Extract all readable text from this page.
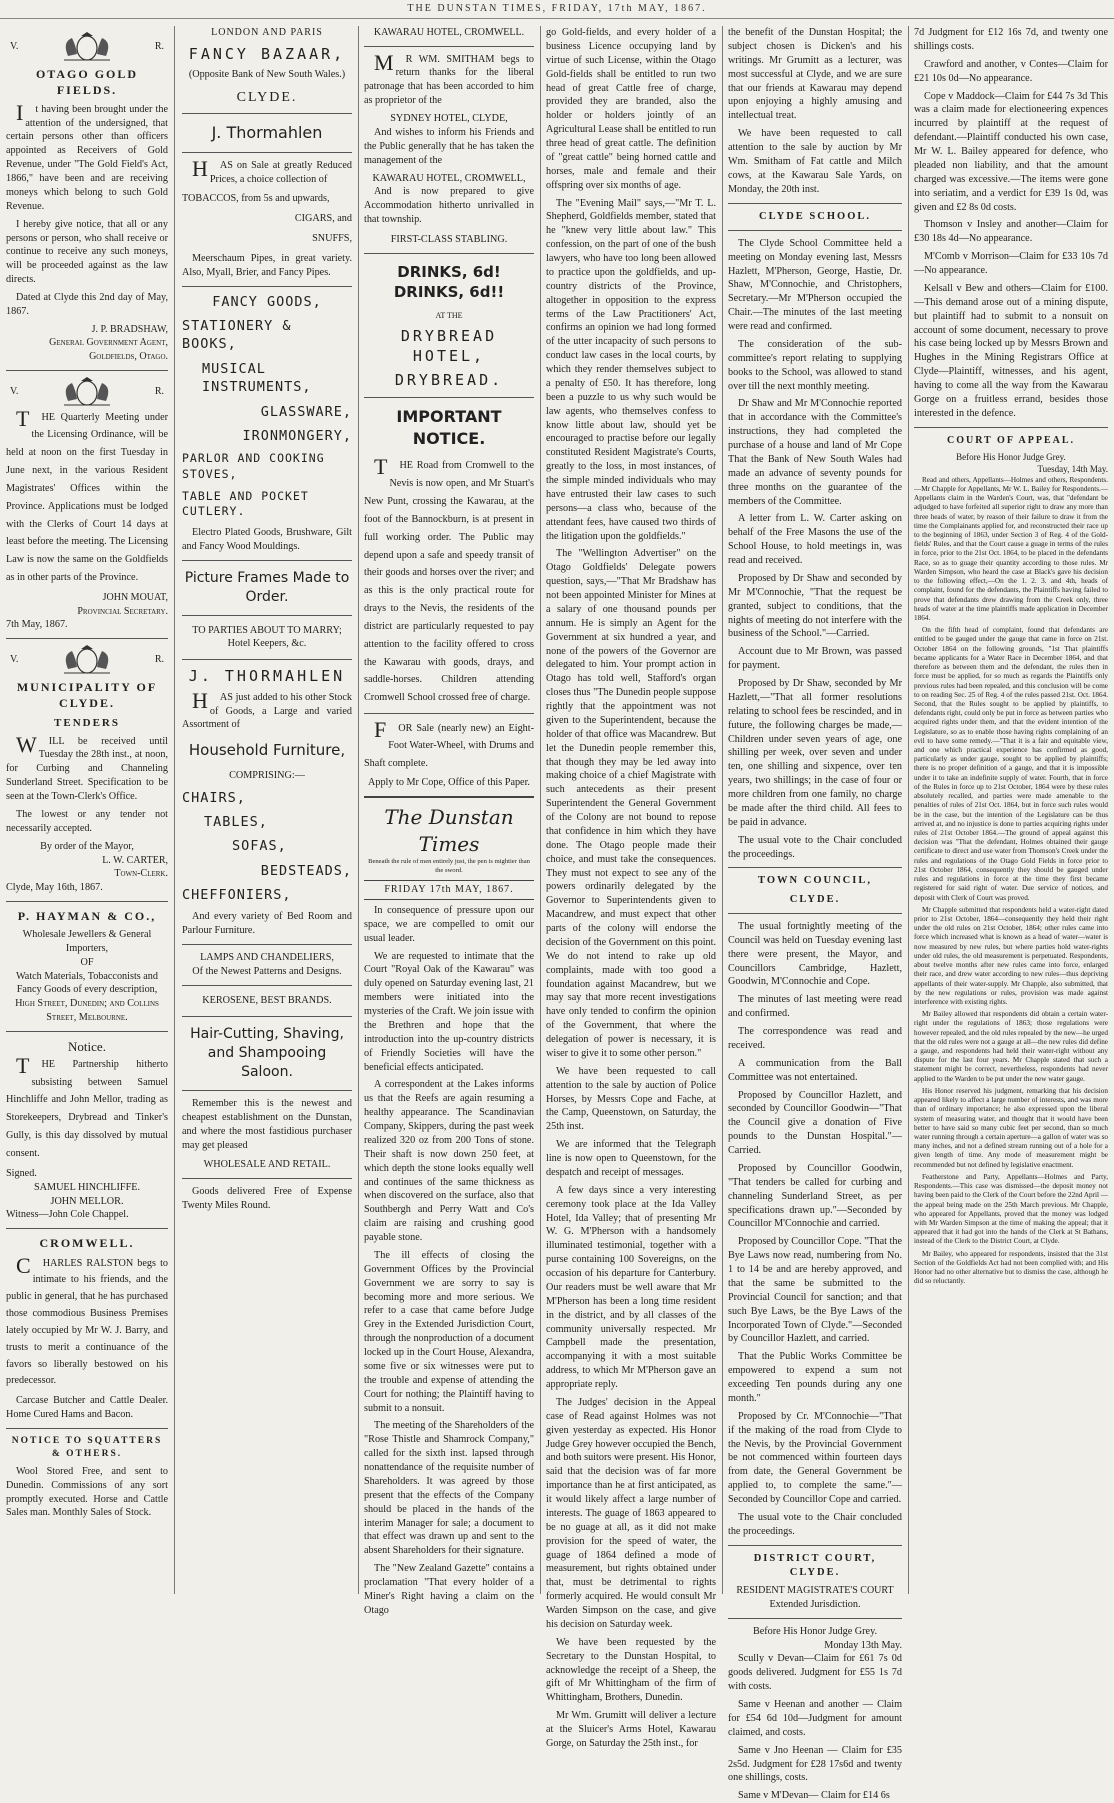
THE DUNSTAN TIMES, FRIDAY, 17th MAY, 1867.
V.	R.
OTAGO GOLD FIELDS.

It having been brought under the attention of the undersigned, that certain persons other than officers appointed as Receivers of Gold Revenue, under "The Gold Field's Act, 1866," have been and are receiving moneys which belong to such Gold Revenue.

I hereby give notice, that all or any persons or person, who shall receive or continue to receive any such moneys, will be proceeded against as the law directs.

Dated at Clyde this 2nd day of May, 1867.

J. P. BRADSHAW,
General Government Agent,
Goldfields, Otago.
V.	R.

THE Quarterly Meeting under the Licensing Ordinance, will be held at noon on the first Tuesday in June next, in the various Resident Magistrates' Offices within the Province. Applications must be lodged with the Clerks of Court 14 days at least before the meeting. The Licensing Law is now the same on the Goldfields as in other parts of the Province.

JOHN MOUAT,
Provincial Secretary.
7th May, 1867.
V.	R.
MUNICIPALITY OF CLYDE.
TENDERS

WILL be received until Tuesday the 28th inst., at noon, for Curbing and Channeling Sunderland Street. Specification to be seen at the Town-Clerk's Office.

The lowest or any tender not necessarily accepted.

By order of the Mayor,
L. W. CARTER,
Town-Clerk.
Clyde, May 16th, 1867.
P. HAYMAN & CO.,
Wholesale Jewellers & General Importers,
OF
Watch Materials, Tobacconists and Fancy Goods of every description,
High Street, Dunedin; and Collins Street, Melbourne.
Notice.

THE Partnership hitherto subsisting between Samuel Hinchliffe and John Mellor, trading as Storekeepers, Drybread and Tinker's Gully, is this day dissolved by mutual consent.

Signed.
SAMUEL HINCHLIFFE.
JOHN MELLOR.
Witness—John Cole Chappel.
CROMWELL.

CHARLES RALSTON begs to intimate to his friends, and the public in general, that he has purchased those commodious Business Premises lately occupied by Mr W. J. Barry, and trusts to merit a continuance of the favors so liberally bestowed on his predecessor.

Carcase Butcher and Cattle Dealer. Home Cured Hams and Bacon.

NOTICE TO SQUATTERS & OTHERS.

Wool Stored Free, and sent to Dunedin. Commissions of any sort promptly executed. Horse and Cattle Sales man. Monthly Sales of Stock.

LONDON AND PARIS
FANCY BAZAAR,
(Opposite Bank of New South Wales.)
CLYDE.
J. Thormahlen

HAS on Sale at greatly Reduced Prices, a choice collection of

TOBACCOS, from 5s and upwards,
CIGARS, and
SNUFFS,

Meerschaum Pipes, in great variety. Also, Myall, Brier, and Fancy Pipes.

FANCY GOODS,
STATIONERY & BOOKS,
MUSICAL INSTRUMENTS,
GLASSWARE,
IRONMONGERY,
PARLOR AND COOKING STOVES,
TABLE AND POCKET CUTLERY.

Electro Plated Goods, Brushware, Gilt and Fancy Wood Mouldings.

Picture Frames Made to Order.
TO PARTIES ABOUT TO MARRY; Hotel Keepers, &c.
J. THORMAHLEN

HAS just added to his other Stock of Goods, a Large and varied Assortment of

Household Furniture,
COMPRISING:—
CHAIRS,
TABLES,
SOFAS,
BEDSTEADS,
CHEFFONIERS,

And every variety of Bed Room and Parlour Furniture.

LAMPS AND CHANDELIERS,
Of the Newest Patterns and Designs.
KEROSENE, BEST BRANDS.
Hair-Cutting, Shaving, and Shampooing Saloon.

Remember this is the newest and cheapest establishment on the Dunstan, and where the most fastidious purchaser may get pleased

WHOLESALE AND RETAIL.

Goods delivered Free of Expense Twenty Miles Round.

KAWARAU HOTEL, CROMWELL.

MR WM. SMITHAM begs to return thanks for the liberal patronage that has been accorded to him as proprietor of the

SYDNEY HOTEL, CLYDE,

And wishes to inform his Friends and the Public generally that he has taken the management of the

KAWARAU HOTEL, CROMWELL,

And is now prepared to give Accommodation hitherto unrivalled in that township.

FIRST-CLASS STABLING.
DRINKS, 6d! DRINKS, 6d!!
AT THE
DRYBREAD HOTEL,
DRYBREAD.
IMPORTANT NOTICE.

THE Road from Cromwell to the Nevis is now open, and Mr Stuart's New Punt, crossing the Kawarau, at the foot of the Bannockburn, is at present in full working order. The Public may depend upon a safe and speedy transit of their goods and horses over the river; and as this is the only practical route for drays to the Nevis, the residents of the district are particularly requested to pay attention to the facility offered to cross the Kawarau with goods, drays, and saddle-horses. Children attending Cromwell School crossed free of charge.

FOR Sale (nearly new) an Eight-Foot Water-Wheel, with Drums and Shaft complete.

Apply to Mr Cope, Office of this Paper.
The Dunstan Times
Beneath the rule of men entirely just, the pen is mightier than the sword.
FRIDAY 17th MAY, 1867.

In consequence of pressure upon our space, we are compelled to omit our usual leader.

We are requested to intimate that the Court "Royal Oak of the Kawarau" was duly opened on Saturday evening last, 21 members were initiated into the mysteries of the Craft. We join issue with the Brethren and hope that the introduction into the up-country districts of Friendly Societies will have the beneficial effects anticipated.

A correspondent at the Lakes informs us that the Reefs are again resuming a healthy appearance. The Scandinavian Company, Skippers, during the past week realized 320 oz from 200 Tons of stone. Their shaft is now down 250 feet, at which depth the stone looks equally well and continues of the same thickness as when discovered on the surface, also that Southbergh and Perry Watt and Co's claim are raising and crushing good payable stone.

The ill effects of closing the Government Offices by the Provincial Government we are sorry to say is becoming more and more serious. We refer to a case that came before Judge Grey in the Extended Jurisdiction Court, through the nonproduction of a document locked up in the Court House, Alexandra, some five or six witnesses were put to the trouble and expense of attending the Court for nothing; the Plaintiff having to submit to a nonsuit.

The meeting of the Shareholders of the "Rose Thistle and Shamrock Company," called for the sixth inst. lapsed through nonattendance of the requisite number of Shareholders. It was agreed by those present that the effects of the Company should be placed in the hands of the interim Manager for sale; a document to that effect was drawn up and sent to the absent Shareholders for their signature.

The "New Zealand Gazette" contains a proclamation "That every holder of a Miner's Right having a claim on the Otago

go Gold-fields, and every holder of a business Licence occupying land by virtue of such License, within the Otago Gold-fields shall be entitled to run two head of great Cattle free of charge, provided they are branded, also the holder or holders jointly of an Agricultural Lease shall be entitled to run three head of great cattle. The definition of "great cattle" being horned cattle and horses, male and female and their offspring over six months of age.

The "Evening Mail" says,—"Mr T. L. Shepherd, Goldfields member, stated that he "knew very little about law." This confession, on the part of one of the bush lawyers, who have too long been allowed to practice upon the goldfields, and up-country districts of the Province, altogether in opposition to the express terms of the Law Practitioners' Act, confirms an opinion we had long formed of the utter incapacity of such persons to conduct law cases in the local courts, by which they render themselves subject to a penalty of £50. It has therefore, long been a puzzle to us why such would be law agents, who themselves confess to know little about law, should yet be encouraged to practise before our legally constituted Resident Magistrate's Courts, greatly to the loss, in most instances, of the simple minded individuals who may have entrusted their law cases to such persons—a class who, because of the attendant fees, have caused two thirds of the litigation upon the goldfields."

The "Wellington Advertiser" on the Otago Goldfields' Delegate powers question, says,—"That Mr Bradshaw has not been appointed Minister for Mines at a salary of one thousand pounds per annum. He is simply an Agent for the Government at six hundred a year, and none of the powers of the Governor are delegated to him. Your prompt action in Otago has told well, Stafford's organ closes thus "The Dunedin people suppose rightly that the appointment was not given to the Superintendent, because the holder of that office was Macandrew. But let the Dunedin people remember this, that though they may be led away into making choice of a chief Magistrate with such antecedents as their present Superintendent the General Government of the Colony are not bound to repose that confidence in him which they have done. The Otago people made their choice, and must take the consequences. They must not expect to see any of the powers ordinarily delegated by the Governor to Superintendents given to Macandrew, and must expect that other parts of the colony will endorse the decision of the Government on this point. We do not intend to rake up old complaints, made with too good a foundation against Macandrew, but we may say that more recent investigations have only tended to confirm the opinion of the Government, that where the delegation of power is necessary, it is wiser to give it to some other person."

We have been requested to call attention to the sale by auction of Police Horses, by Messrs Cope and Fache, at the Camp, Queenstown, on Saturday, the 25th inst.

We are informed that the Telegraph line is now open to Queenstown, for the despatch and receipt of messages.

A few days since a very interesting ceremony took place at the Ida Valley Hotel, Ida Valley; that of presenting Mr W. G. M'Pherson with a handsomely illuminated testimonial, together with a purse containing 100 Sovereigns, on the occasion of his departure for Canterbury. Our readers must be well aware that Mr M'Pherson has been a long time resident in the district, and by all classes of the community universally respected. Mr Campbell made the presentation, accompanying it with a most suitable address, to which Mr M'Pherson gave an appropriate reply.

The Judges' decision in the Appeal case of Read against Holmes was not given yesterday as expected. His Honor Judge Grey however occupied the Bench, and both suitors were present. His Honor, said that the decision was of far more importance than he at first anticipated, as it would likely affect a large number of interests. The guage of 1863 appeared to be no guage at all, as it did not make provision for the speed of water, the guage of 1864 defined a mode of measurement, but rights obtained under that, must be detrimental to rights formerly acquired. He would consult Mr Warden Simpson on the case, and give his decision on Saturday week.

We have been requested by the Secretary to the Dunstan Hospital, to acknowledge the receipt of a Sheep, the gift of Mr Whittingham of the firm of Whittingham, Brothers, Dunedin.

Mr Wm. Grumitt will deliver a lecture at the Sluicer's Arms Hotel, Kawarau Gorge, on Saturday the 25th inst., for

the benefit of the Dunstan Hospital; the subject chosen is Dicken's and his writings. Mr Grumitt as a lecturer, was most successful at Clyde, and we are sure that our friends at Kawarau may depend upon enjoying a highly amusing and intellectual treat.

We have been requested to call attention to the sale by auction by Mr Wm. Smitham of Fat cattle and Milch cows, at the Kawarau Sale Yards, on Monday, the 20th inst.

CLYDE SCHOOL.

The Clyde School Committee held a meeting on Monday evening last, Messrs Hazlett, M'Pherson, George, Hastie, Dr. Shaw, M'Connochie, and Christophers, Secretary.—Mr M'Pherson occupied the Chair.—The minutes of the last meeting were read and confirmed.

The consideration of the sub-committee's report relating to supplying books to the School, was allowed to stand over till the next monthly meeting.

Dr Shaw and Mr M'Connochie reported that in accordance with the Committee's instructions, they had completed the purchase of a house and land of Mr Cope That the Bank of New South Wales had made an advance of seventy pounds for three months on the guarantee of the members of the Committee.

A letter from L. W. Carter asking on behalf of the Free Masons the use of the School House, to hold meetings in, was read and received.

Proposed by Dr Shaw and seconded by Mr M'Connochie, "That the request be granted, subject to conditions, that the nights of meeting do not interfere with the business of the School."—Carried.

Account due to Mr Brown, was passed for payment.

Proposed by Dr Shaw, seconded by Mr Hazlett,—"That all former resolutions relating to school fees be rescinded, and in future, the following charges be made,—Children under seven years of age, one shilling per week, over seven and under ten, one shilling and sixpence, over ten years, two shillings; in the case of four or more children from one family, no charge be made after the third child. All fees to be paid in advance.

The usual vote to the Chair concluded the proceedings.

TOWN COUNCIL,
CLYDE.

The usual fortnightly meeting of the Council was held on Tuesday evening last there were present, the Mayor, and Councillors Cambridge, Hazlett, Goodwin, M'Connochie and Cope.

The minutes of last meeting were read and confirmed.

The correspondence was read and received.

A communication from the Ball Committee was not entertained.

Proposed by Councillor Hazlett, and seconded by Councillor Goodwin—"That the Council give a donation of Five pounds to the Dunstan Hospital."—Carried.

Proposed by Councillor Goodwin, "That tenders be called for curbing and channeling Sunderland Street, as per specifications drawn up."—Seconded by Councillor M'Connochie and carried.

Proposed by Councillor Cope. "That the Bye Laws now read, numbering from No. 1 to 14 be and are hereby approved, and that the same be submitted to the Provincial Council for sanction; and that such Bye Laws, be the Bye Laws of the Incorporated Town of Clyde."—Seconded by Councillor Hazlett, and carried.

That the Public Works Committee be empowered to expend a sum not exceeding Ten pounds during any one month."

Proposed by Cr. M'Connochie—"That if the making of the road from Clyde to the Nevis, by the Provincial Government be not commenced within fourteen days from date, the General Government be applied to, to complete the same."—Seconded by Councillor Cope and carried.

The usual vote to the Chair concluded the proceedings.

DISTRICT COURT, CLYDE.
RESIDENT MAGISTRATE'S COURT
Extended Jurisdiction.
Before His Honor Judge Grey.
Monday 13th May.

Scully v Devan—Claim for £61 7s 0d goods delivered. Judgment for £55 1s 7d with costs.

Same v Heenan and another — Claim for £54 6d 10d—Judgment for amount claimed, and costs.

Same v Jno Heenan — Claim for £35 2s5d. Judgment for £28 17s6d and twenty one shillings, costs.

Same v M'Devan— Claim for £14 6s

7d Judgment for £12 16s 7d, and twenty one shillings costs.

Crawford and another, v Contes—Claim for £21 10s 0d—No appearance.

Cope v Maddock—Claim for £44 7s 3d This was a claim made for electioneering expences incurred by plaintiff at the request of defendant.—Plaintiff conducted his own case, Mr W. L. Bailey appeared for defence, who pleaded non liability, and that the amount charged was excessive.—The items were gone into seriatim, and a verdict for £39 1s 0d, was given and £2 8s 0d costs.

Thomson v Insley and another—Claim for £30 18s 4d—No appearance.

M'Comb v Morrison—Claim for £33 10s 7d—No appearance.

Kelsall v Bew and others—Claim for £100.—This demand arose out of a mining dispute, but plaintiff had to submit to a nonsuit on account of some document, necessary to prove his case being locked up by Messrs Brown and Hughes in the Mining Registrars Office at Clyde—Plaintiff, witnesses, and his agent, having to come all the way from the Kawarau Gorge on a fruitless errand, besides those interested in the defence.

COURT OF APPEAL.
Before His Honor Judge Grey.
Tuesday, 14th May.

Read and others, Appellants—Holmes and others, Respondents.—Mr Chapple for Appellants, Mr W. L. Bailey for Respondents.—Appellants claim in the Warden's Court, was, that "defendant be adjudged to have forfeited all superior right to draw any more than three heads of water, by reason of their failure to draw it from the time the Complainants applied for, and reconstructed their race up to the beginning of 1863, under Section 3 of Reg. 4 of the Gold-fields' Rules, and that the Court cause a guage in terms of the rules in force, prior to the 21st Oct. 1864, to be placed in the defendants Race, so as to guage their quantity according to those rules. Mr Warden Simpson, who heard the case at Black's gave his decision to the following effect,—On the 1. 2. 3. and 4th, heads of complaint, found for the defendants, the Plaintiffs having failed to prove that defendants drew drawing from the Creek only, three heads of water at the time plaintiffs made application in December 1864.

On the fifth head of complaint, found that defendants are entitled to be gauged under the gauge that came in force on 21st. October 1864 on the following grounds, "1st That plaintiffs became applicants for a Water Race in December 1864, and that therefore as between them and the defendant, the rules then in force must be applied, for so much as regards the Plaintiffs only previous rules had been repealed, and this conclusion will be come to on reading Sec. 25 of Reg. 4 of the rules passed 21st. Oct. 1864. Second, that the Rules sought to be applied by plaintiffs, to defendants right, could only be put in force as between parties who acquired rights under them, and that the evident intention of the Legislature, so as to enable those having rights complaining of an evil to have some remedy.—"That it is a fair and equitable view, and one which practical experience has confirmed as good, particularly as under gauge, sought to be applied by plaintiffs; there is no proper definition of a gauge, and that it is impossible under it to take an indefinite supply of water. Fourth, that in force of the Rules in force up to 21st October, 1864 were by these rules absolutely recalled, and parties were made amenable to the penalties of rules of 21st Oct. 1864, but in force such rules would be in the case, but the intention of the Legislature can be thus arrived at, and no injustice is done to parties acquiring rights under rules of 21st October 1864.—The ground of appeal against this decision was "That the defendant, Holmes obtained their gauge certificate to direct and use water from Thomson's Creek under the rules and regulations of the Otago Gold Fields in force prior to 21st October 1864, consequently they should be gauged under rules and regulations in force at the time they first became registered for said right of water. Due service of notices, and deposit with Clerk of Court was proved.

Mr Chapple submitted that respondents held a water-right dated prior to 21st October, 1864—consequently they held their right under the old rules on 21st October, 1864; other rules came into force which increased what is known as a head of water—water is now measured by new rules, but where parties hold water-rights under old rules, the old measurement is perpetuated. Respondents, about twelve months after new rules came into force, enlarged their race, and drew water according to new rules—thus depriving appellants of their water-supply. Mr Chapple, also submitted, that by the new regulations or rules, provision was made against interference with existing rights.

Mr Bailey allowed that respondents did obtain a certain water-right under the regulations of 1863; those regulations were however repealed, and the old rules repealed by the new—he urged that the old rules were not a gauge at all—the new rules did define a gauge, and respondents had held their water-right without any dispute for the last four years. Mr Chapple stated that such a statement might be correct, nevertheless, respondents had never applied to the Warden to be put under the new water gauge.

His Honor reserved his judgment, remarking that his decision appeared likely to affect a large number of interests, and was more than of ordinary importance; he also expressed upon the liberal system of measuring water, and thought that it would have been better to have said so many cubic feet per second, than so much water running through a certain aperture—a gallon of water was so many inches, and not a defined stream running out of a hole for a given length of time. Any mode of measurement might be recommended but not defined by legislative enactment.

Featherstone and Party, Appellants—Holmes and Party, Respondents.—This case was dismissed—the deposit money not having been paid to the Clerk of the Court before the 22nd April —the appeal being made on the 25th March previous. Mr Chapple, who appeared for Appellants, proved that the money was lodged with Mr Warden Simpson at the time of making the appeal; that it appeared that it had got into the hands of the Clerk at St Bathans, instead of the Clerk to the District Court, at Clyde.

Mr Bailey, who appeared for respondents, insisted that the 31st Section of the Goldfields Act had not been complied with; and His Honor had no other alternative but to dismiss the case, although he did so reluctantly.
